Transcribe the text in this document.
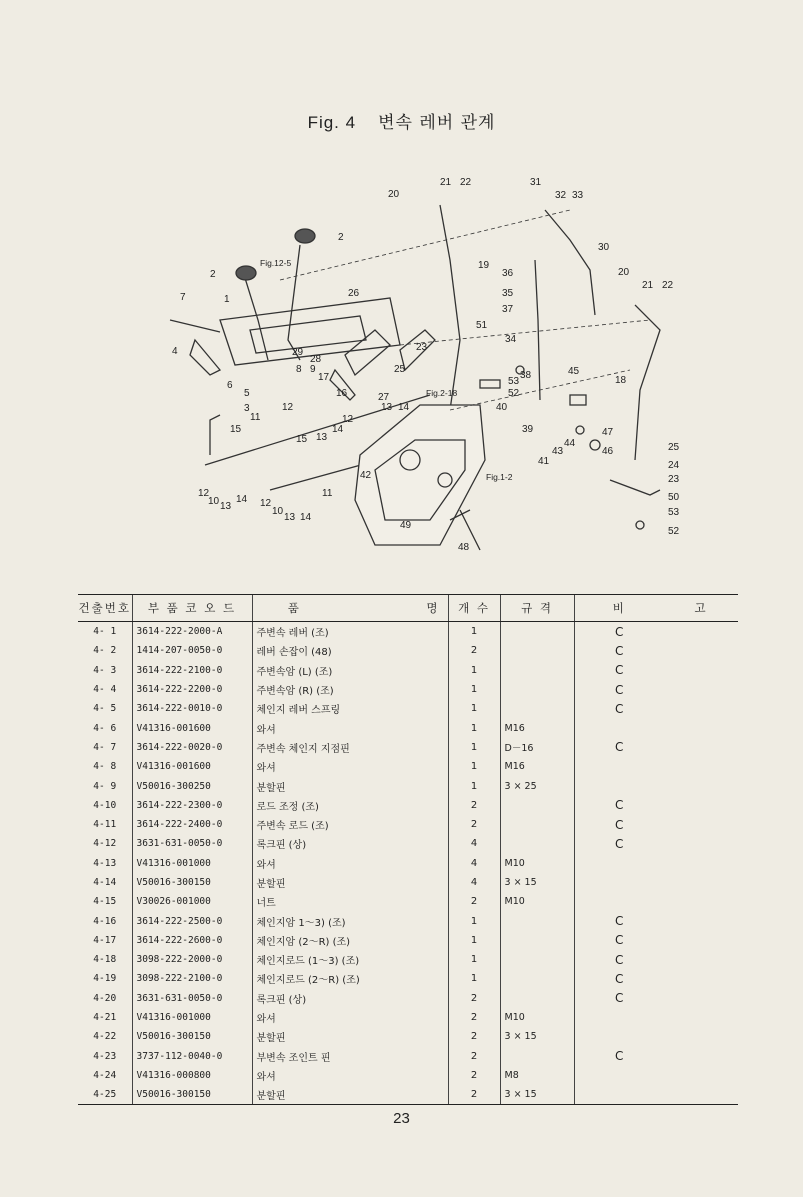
Fig. 4 변속 레버 관계
20
21 22	31
32 33
2
30
19
2	36
35
37
20
21 22
Fig.12-5
7	1
26
34
51
4	29
28
23
53
52
38	45
18
8 9
17
25
6
5	16
3	12
27
13 14
Fig.2-18
40
11	12
14	39	47
15
13
44
43	46
15
41
25
24
23
42	Fig.1-2
12
10 13
14
11
12
10
13 14
49
50
53
52
48
건출번호	부 품 코 오 드	품	명	개 수	규 격	비	고
4- 1	3614-222-2000-A	주변속 레버 (조)		1		C	
4- 2	1414-207-0050-0	레버 손잡이 (48)		2		C	
4- 3	3614-222-2100-0	주변속암 (L) (조)		1		C	
4- 4	3614-222-2200-0	주변속암 (R) (조)		1		C	
4- 5	3614-222-0010-0	체인지 레버 스프링		1		C	
4- 6	V41316-001600	와셔		1	M16		
4- 7	3614-222-0020-0	주변속 체인지 지점핀		1	D－16	C	
4- 8	V41316-001600	와셔		1	M16		
4- 9	V50016-300250	분할핀		1	3 × 25		
4-10	3614-222-2300-0	로드 조정 (조)		2		C	
4-11	3614-222-2400-0	주변속 로드 (조)		2		C	
4-12	3631-631-0050-0	록크핀 (상)		4		C	
4-13	V41316-001000	와셔		4	M10		
4-14	V50016-300150	분할핀		4	3 × 15		
4-15	V30026-001000	너트		2	M10		
4-16	3614-222-2500-0	체인지암 1～3) (조)		1		C	
4-17	3614-222-2600-0	체인지암 (2～R) (조)		1		C	
4-18	3098-222-2000-0	체인지로드 (1～3) (조)		1		C	
4-19	3098-222-2100-0	체인지로드 (2～R) (조)		1		C	
4-20	3631-631-0050-0	록크핀 (상)		2		C	
4-21	V41316-001000	와셔		2	M10		
4-22	V50016-300150	분할핀		2	3 × 15		
4-23	3737-112-0040-0	부변속 조인트 핀		2		C	
4-24	V41316-000800	와셔		2	M8		
4-25	V50016-300150	분할핀		2	3 × 15		
23
